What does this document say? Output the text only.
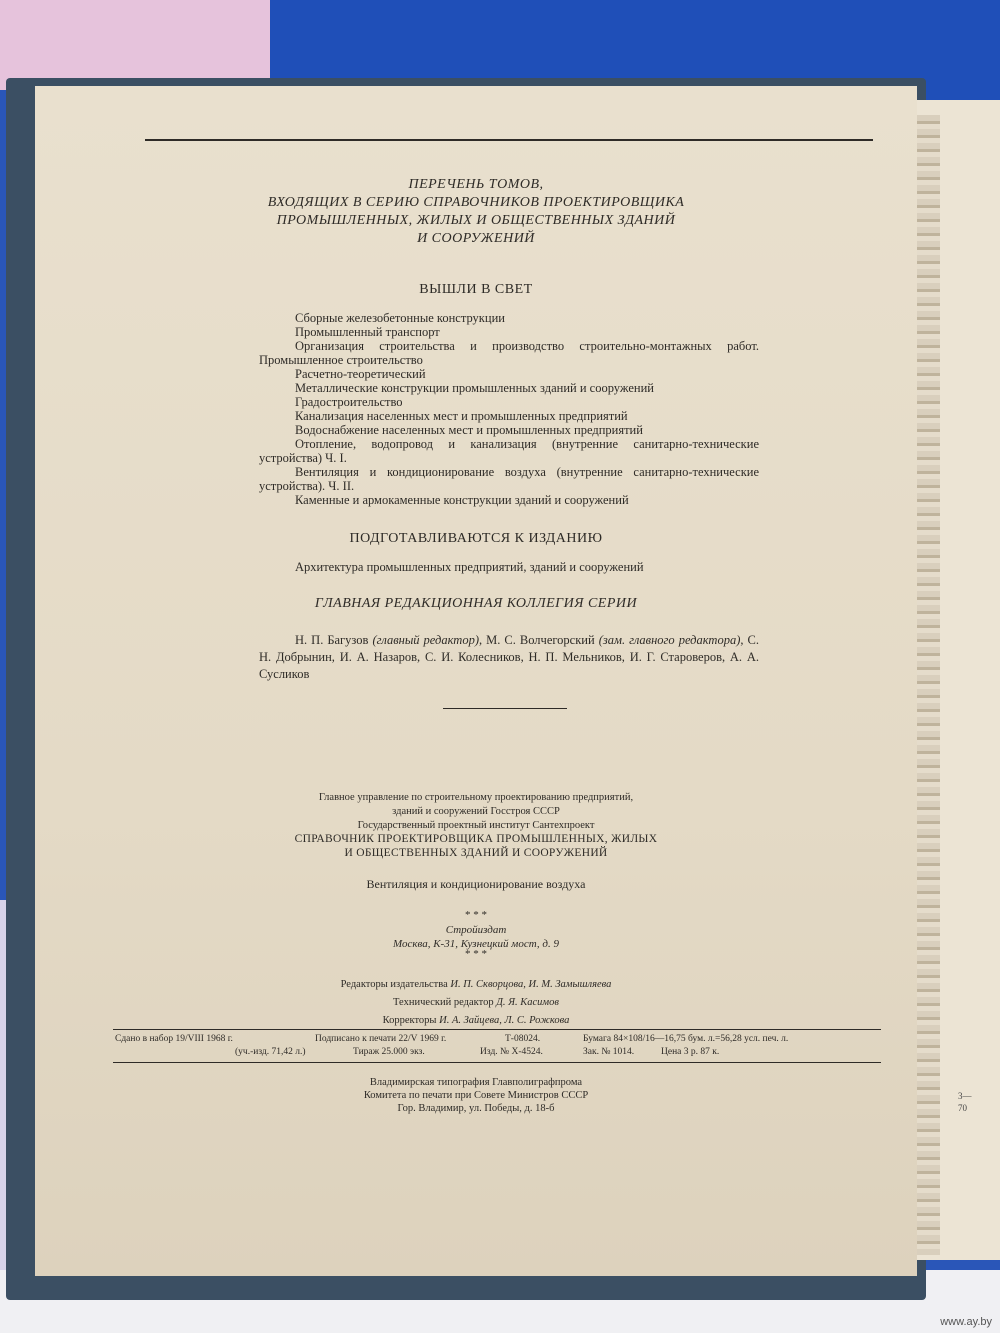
3—
70
ПЕРЕЧЕНЬ ТОМОВ,
ВХОДЯЩИХ В СЕРИЮ СПРАВОЧНИКОВ ПРОЕКТИРОВЩИКА
ПРОМЫШЛЕННЫХ, ЖИЛЫХ И ОБЩЕСТВЕННЫХ ЗДАНИЙ
И СООРУЖЕНИЙ
ВЫШЛИ В СВЕТ
Сборные железобетонные конструкции
Промышленный транспорт
Организация строительства и производство строительно-монтажных работ. Промышленное строительство
Расчетно-теоретический
Металлические конструкции промышленных зданий и сооружений
Градостроительство
Канализация населенных мест и промышленных предприятий
Водоснабжение населенных мест и промышленных предприятий
Отопление, водопровод и канализация (внутренние санитарно-технические устройства) Ч. I.
Вентиляция и кондиционирование воздуха (внутренние санитарно-технические устройства). Ч. II.
Каменные и армокаменные конструкции зданий и сооружений
ПОДГОТАВЛИВАЮТСЯ К ИЗДАНИЮ
Архитектура промышленных предприятий, зданий и сооружений
ГЛАВНАЯ РЕДАКЦИОННАЯ КОЛЛЕГИЯ СЕРИИ
Н. П. Багузов (главный редактор), М. С. Волчегорский (зам. главного редактора), С. Н. Добрынин, И. А. Назаров, С. И. Колесников, Н. П. Мельников, И. Г. Староверов, А. А. Сусликов
Главное управление по строительному проектированию предприятий,
зданий и сооружений Госстроя СССР
Государственный проектный институт Сантехпроект
СПРАВОЧНИК ПРОЕКТИРОВЩИКА ПРОМЫШЛЕННЫХ, ЖИЛЫХ
И ОБЩЕСТВЕННЫХ ЗДАНИЙ И СООРУЖЕНИЙ
Вентиляция и кондиционирование воздуха
* * *
Стройиздат
Москва, К-31, Кузнецкий мост, д. 9
* * *
Редакторы издательства И. П. Скворцова, И. М. Замышляева
Технический редактор Д. Я. Касимов
Корректоры И. А. Зайцева, Л. С. Рожкова
Сдано в набор 19/VIII 1968 г.	Подписано к печати 22/V 1969 г.	Т-08024.	Бумага 84×108/16—16,75 бум. л.=56,28 усл. печ. л.
(уч.-изд. 71,42 л.)	Тираж 25.000 экз.	Изд. № X-4524.	Зак. № 1014.	Цена 3 р. 87 к.
Владимирская типография Главполиграфпрома
Комитета по печати при Совете Министров СССР
Гор. Владимир, ул. Победы, д. 18-б
www.ay.by
